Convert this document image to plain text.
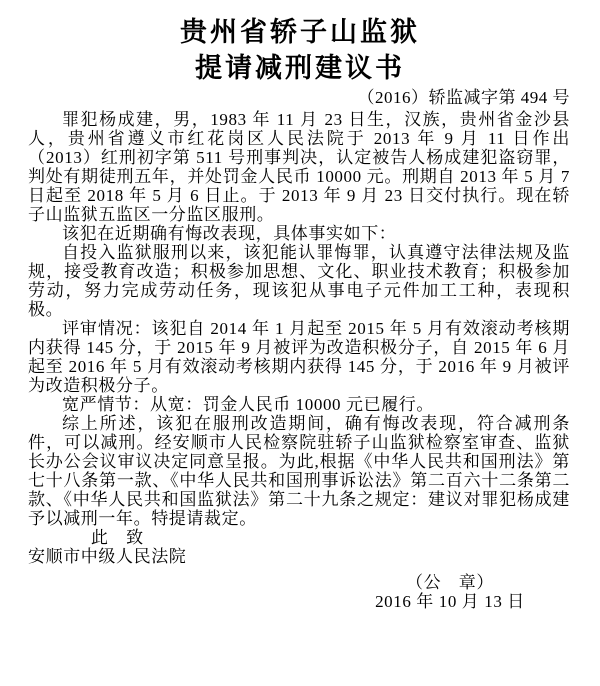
贵州省轿子山监狱
提请减刑建议书
（2016）轿监减字第 494 号

罪犯杨成建，男，1983 年 11 月 23 日生，汉族，贵州省金沙县人，贵州省遵义市红花岗区人民法院于 2013 年 9 月 11 日作出（2013）红刑初字第 511 号刑事判决，认定被告人杨成建犯盗窃罪，判处有期徒刑五年，并处罚金人民币 10000 元。刑期自 2013 年 5 月 7 日起至 2018 年 5 月 6 日止。于 2013 年 9 月 23 日交付执行。现在轿子山监狱五监区一分监区服刑。

该犯在近期确有悔改表现，具体事实如下：

自投入监狱服刑以来，该犯能认罪悔罪，认真遵守法律法规及监规，接受教育改造；积极参加思想、文化、职业技术教育；积极参加劳动，努力完成劳动任务，现该犯从事电子元件加工工种，表现积极。

评审情况：该犯自 2014 年 1 月起至 2015 年 5 月有效滚动考核期内获得 145 分，于 2015 年 9 月被评为改造积极分子，自 2015 年 6 月起至 2016 年 5 月有效滚动考核期内获得 145 分，于 2016 年 9 月被评为改造积极分子。

宽严情节：从宽：罚金人民币 10000 元已履行。

综上所述，该犯在服刑改造期间，确有悔改表现，符合减刑条件，可以减刑。经安顺市人民检察院驻轿子山监狱检察室审查、监狱长办公会议审议决定同意呈报。为此,根据《中华人民共和国刑法》第七十八条第一款、《中华人民共和国刑事诉讼法》第二百六十二条第二款、《中华人民共和国监狱法》第二十九条之规定：建议对罪犯杨成建予以减刑一年。特提请裁定。

此　致

安顺市中级人民法院

（公　章）
2016 年 10 月 13 日
